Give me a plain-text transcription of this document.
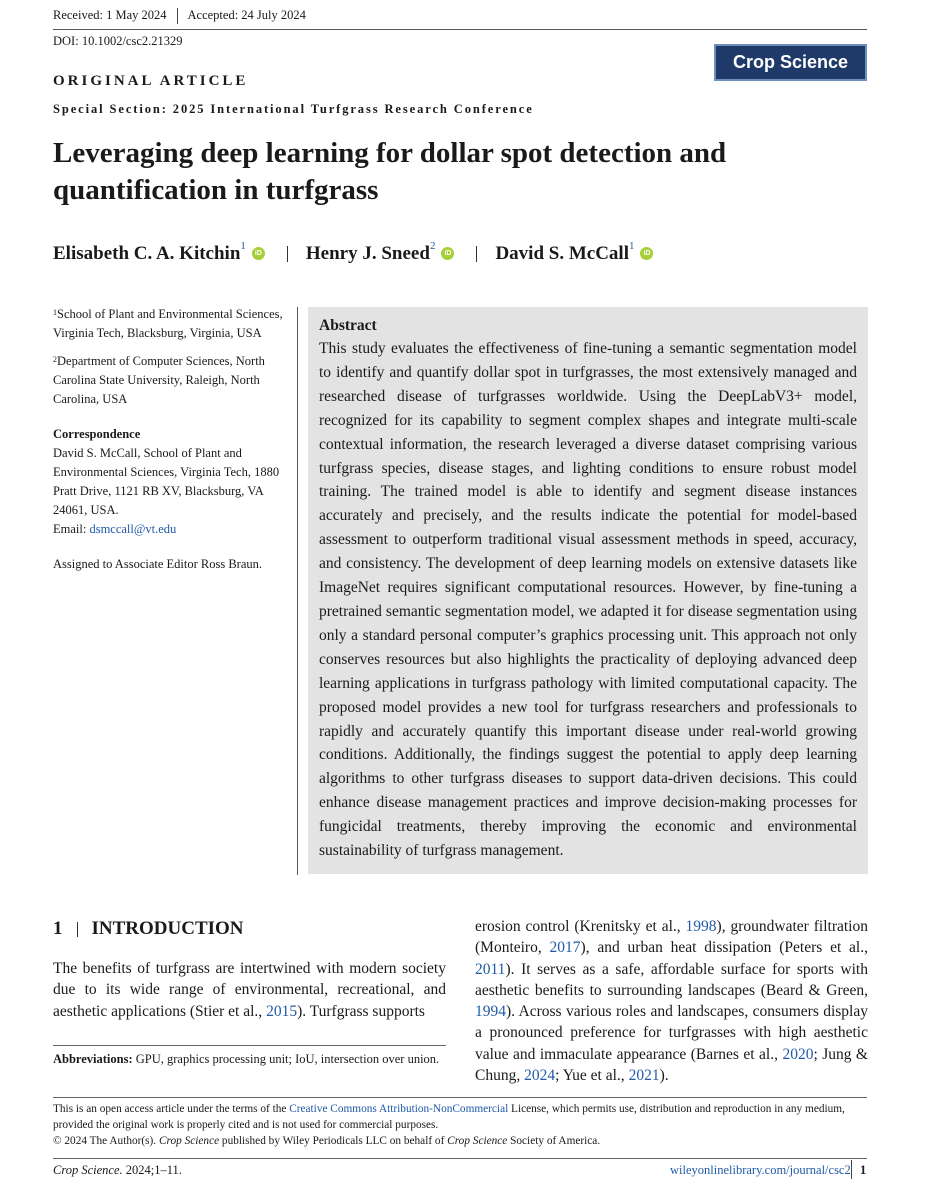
Received: 1 May 2024 Accepted: 24 July 2024
DOI: 10.1002/csc2.21329
Crop Science
ORIGINAL ARTICLE
Special Section: 2025 International Turfgrass Research Conference
Leveraging deep learning for dollar spot detection and quantification in turfgrass
Elisabeth C. A. Kitchin$^1$
iD Henry J. Sneed$^2$
iD David S. McCall$^1$
iD

$^1$School of Plant and Environmental Sciences, Virginia Tech, Blacksburg, Virginia, USA

$^2$Department of Computer Sciences, North Carolina State University, Raleigh, North Carolina, USA

Correspondence

David S. McCall, School of Plant and Environmental Sciences, Virginia Tech, 1880 Pratt Drive, 1121 RB XV, Blacksburg, VA 24061, USA.

Email: dsmccall@vt.edu

Assigned to Associate Editor Ross Braun.

Abstract

This study evaluates the effectiveness of fine-tuning a semantic segmentation model to identify and quantify dollar spot in turfgrasses, the most extensively managed and researched disease of turfgrasses worldwide. Using the DeepLabV3+ model, recognized for its capability to segment complex shapes and integrate multi-scale contextual information, the research leveraged a diverse dataset comprising various turfgrass species, disease stages, and lighting conditions to ensure robust model training. The trained model is able to identify and segment disease instances accurately and precisely, and the results indicate the potential for model-based assessment to outperform traditional visual assessment methods in speed, accuracy, and consistency. The development of deep learning models on extensive datasets like ImageNet requires significant computational resources. However, by fine-tuning a pretrained semantic segmentation model, we adapted it for disease segmentation using only a standard personal computer’s graphics processing unit. This approach not only conserves resources but also highlights the practicality of deploying advanced deep learning applications in turfgrass pathology with limited computational capacity. The proposed model provides a new tool for turfgrass researchers and professionals to rapidly and accurately quantify this important disease under real-world growing conditions. Additionally, the findings suggest the potential to apply deep learning algorithms to other turfgrass diseases to support data-driven decisions. This could enhance disease management practices and improve decision-making processes for fungicidal treatments, thereby improving the economic and environmental sustainability of turfgrass management.

1 INTRODUCTION

The benefits of turfgrass are intertwined with modern society due to its wide range of environmental, recreational, and aesthetic applications (Stier et al., 2015). Turfgrass supports

erosion control (Krenitsky et al., 1998), groundwater filtration (Monteiro, 2017), and urban heat dissipation (Peters et al., 2011). It serves as a safe, affordable surface for sports with aesthetic benefits to surrounding landscapes (Beard & Green, 1994). Across various roles and landscapes, consumers display a pronounced preference for turfgrasses with high aesthetic value and immaculate appearance (Barnes et al., 2020; Jung & Chung, 2024; Yue et al., 2021).

Abbreviations: GPU, graphics processing unit; IoU, intersection over union.
This is an open access article under the terms of the Creative Commons Attribution-NonCommercial License, which permits use, distribution and reproduction in any medium, provided the original work is properly cited and is not used for commercial purposes.
© 2024 The Author(s). Crop Science published by Wiley Periodicals LLC on behalf of Crop Science Society of America.
Crop Science. 2024;1–11.	wileyonlinelibrary.com/journal/csc2 1
